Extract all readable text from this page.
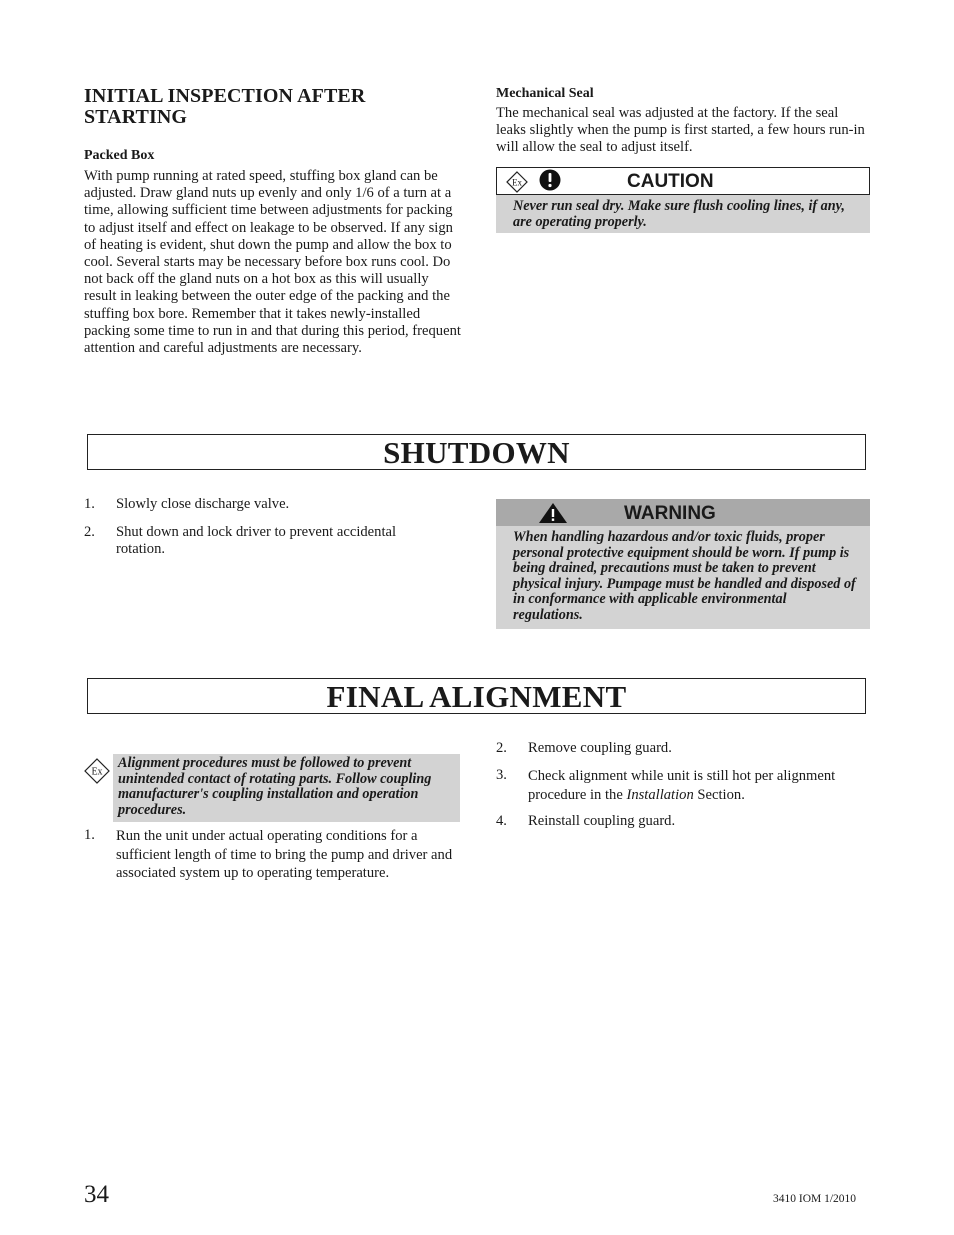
INITIAL INSPECTION AFTER STARTING
Packed Box
With pump running at rated speed, stuffing box gland can be adjusted. Draw gland nuts up evenly and only 1/6 of a turn at a time, allowing sufficient time between adjustments for packing to adjust itself and effect on leakage to be observed. If any sign of heating is evident, shut down the pump and allow the box to cool. Several starts may be necessary before box runs cool. Do not back off the gland nuts on a hot box as this will usually result in leaking between the outer edge of the packing and the stuffing box bore. Remember that it takes newly-installed packing some time to run in and that during this period, frequent attention and careful adjustments are necessary.
Mechanical Seal
The mechanical seal was adjusted at the factory. If the seal leaks slightly when the pump is first started, a few hours run-in will allow the seal to adjust itself.
Ex	CAUTION
Never run seal dry. Make sure flush cooling lines, if any, are operating properly.
SHUTDOWN
1. Slowly close discharge valve.
2. Shut down and lock driver to prevent accidental rotation.
WARNING
When handling hazardous and/or toxic fluids, proper personal protective equipment should be worn. If pump is being drained, precautions must be taken to prevent physical injury. Pumpage must be handled and disposed of in conformance with applicable environmental regulations.
FINAL ALIGNMENT
Ex
Alignment procedures must be followed to prevent unintended contact of rotating parts. Follow coupling manufacturer's coupling installation and operation procedures.
1. Run the unit under actual operating conditions for a sufficient length of time to bring the pump and driver and associated system up to operating temperature.
2. Remove coupling guard.
3. Check alignment while unit is still hot per alignment procedure in the Installation Section.
4. Reinstall coupling guard.
34	3410 IOM 1/2010
